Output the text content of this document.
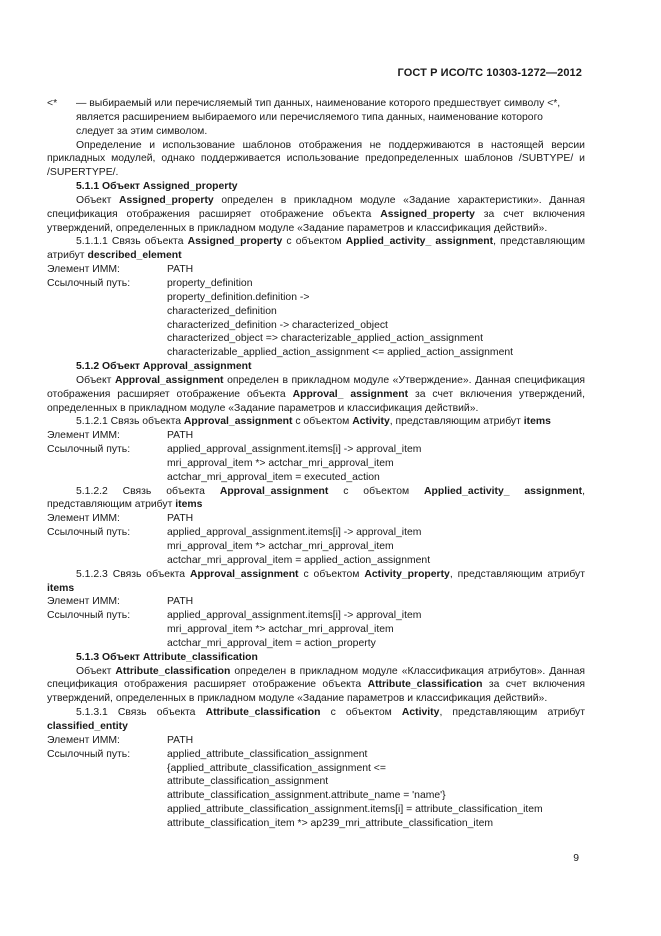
ГОСТ Р ИСО/ТС 10303-1272—2012
<*	— выбираемый или перечисляемый тип данных, наименование которого предшествует символу <*,

является расширением выбираемого или перечисляемого типа данных, наименование которого

следует за этим символом.

Определение и использование шаблонов отображения не поддерживаются в настоящей версии прикладных модулей, однако поддерживается использование предопределенных шаблонов /SUBTYPE/ и /SUPERTYPE/.

5.1.1 Объект Assigned_property

Объект Assigned_property определен в прикладном модуле «Задание характеристики». Данная спецификация отображения расширяет отображение объекта Assigned_property за счет включения утверждений, определенных в прикладном модуле «Задание параметров и классификация действий».

5.1.1.1 Связь объекта Assigned_property с объектом Applied_activity_ assignment, представляющим атрибут described_element

Элемент ИММ:	PATH
Ссылочный путь:	property_definition

property_definition.definition ->

characterized_definition

characterized_definition -> characterized_object

characterized_object => characterizable_applied_action_assignment

characterizable_applied_action_assignment <= applied_action_assignment

5.1.2 Объект Approval_assignment

Объект Approval_assignment определен в прикладном модуле «Утверждение». Данная спецификация отображения расширяет отображение объекта Approval_ assignment за счет включения утверждений, определенных в прикладном модуле «Задание параметров и классификация действий».

5.1.2.1 Связь объекта Approval_assignment с объектом Activity, представляющим атрибут items

Элемент ИММ:	PATH
Ссылочный путь:	applied_approval_assignment.items[i] -> approval_item

mri_approval_item *> actchar_mri_approval_item

actchar_mri_approval_item = executed_action

5.1.2.2 Связь объекта Approval_assignment с объектом Applied_activity_ assignment, представляющим атрибут items

Элемент ИММ:	PATH
Ссылочный путь:	applied_approval_assignment.items[i] -> approval_item

mri_approval_item *> actchar_mri_approval_item

actchar_mri_approval_item = applied_action_assignment

5.1.2.3 Связь объекта Approval_assignment с объектом Activity_property, представляющим атрибут items

Элемент ИММ:	PATH
Ссылочный путь:	applied_approval_assignment.items[i] -> approval_item

mri_approval_item *> actchar_mri_approval_item

actchar_mri_approval_item = action_property

5.1.3 Объект Attribute_classification

Объект Attribute_classification определен в прикладном модуле «Классификация атрибутов». Данная спецификация отображения расширяет отображение объекта Attribute_classification за счет включения утверждений, определенных в прикладном модуле «Задание параметров и классификация действий».

5.1.3.1 Связь объекта Attribute_classification с объектом Activity, представляющим атрибут classified_entity

Элемент ИММ:	PATH
Ссылочный путь:	applied_attribute_classification_assignment

{applied_attribute_classification_assignment <=

attribute_classification_assignment

attribute_classification_assignment.attribute_name = 'name'}

applied_attribute_classification_assignment.items[i] = attribute_classification_item

attribute_classification_item *> ap239_mri_attribute_classification_item

9
